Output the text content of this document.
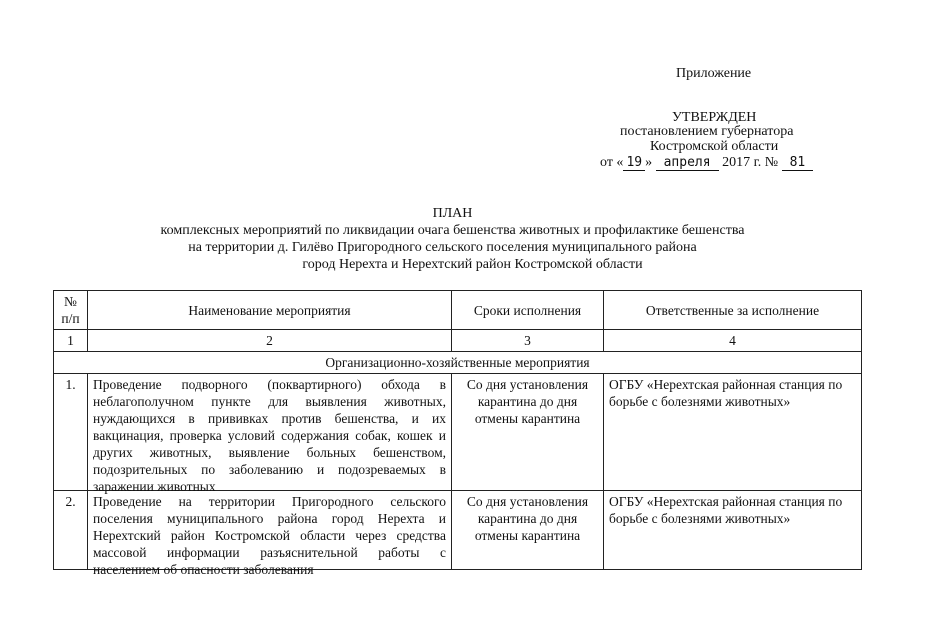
Приложение
УТВЕРЖДЕН
постановлением губернатора
Костромской области
от « 19 » апреля 2017 г. № 81
ПЛАН
комплексных мероприятий по ликвидации очага бешенства животных и профилактике бешенства
на территории д. Гилёво Пригородного сельского поселения муниципального района
город Нерехта и Нерехтский район Костромской области
№ п/п	Наименование мероприятия	Сроки исполнения	Ответственные за исполнение
1	2	3	4
Организационно-хозяйственные мероприятия			
1.	Проведение подворного (поквартирного) обхода в неблагополучном пункте для выявления животных, нуждающихся в прививках против бешенства, и их вакцинация, проверка условий содержания собак, кошек и других животных, выявление больных бешенством, подозрительных по заболеванию и подозреваемых в заражении животных	Со дня установления карантина до дня отмены карантина	ОГБУ «Нерехтская районная станция по борьбе с болезнями животных»
2.	Проведение на территории Пригородного сельского поселения муниципального района город Нерехта и Нерехтский район Костромской области через средства массовой информации разъяснительной работы с населением об опасности заболевания	Со дня установления карантина до дня отмены карантина	ОГБУ «Нерехтская районная станция по борьбе с болезнями животных»
